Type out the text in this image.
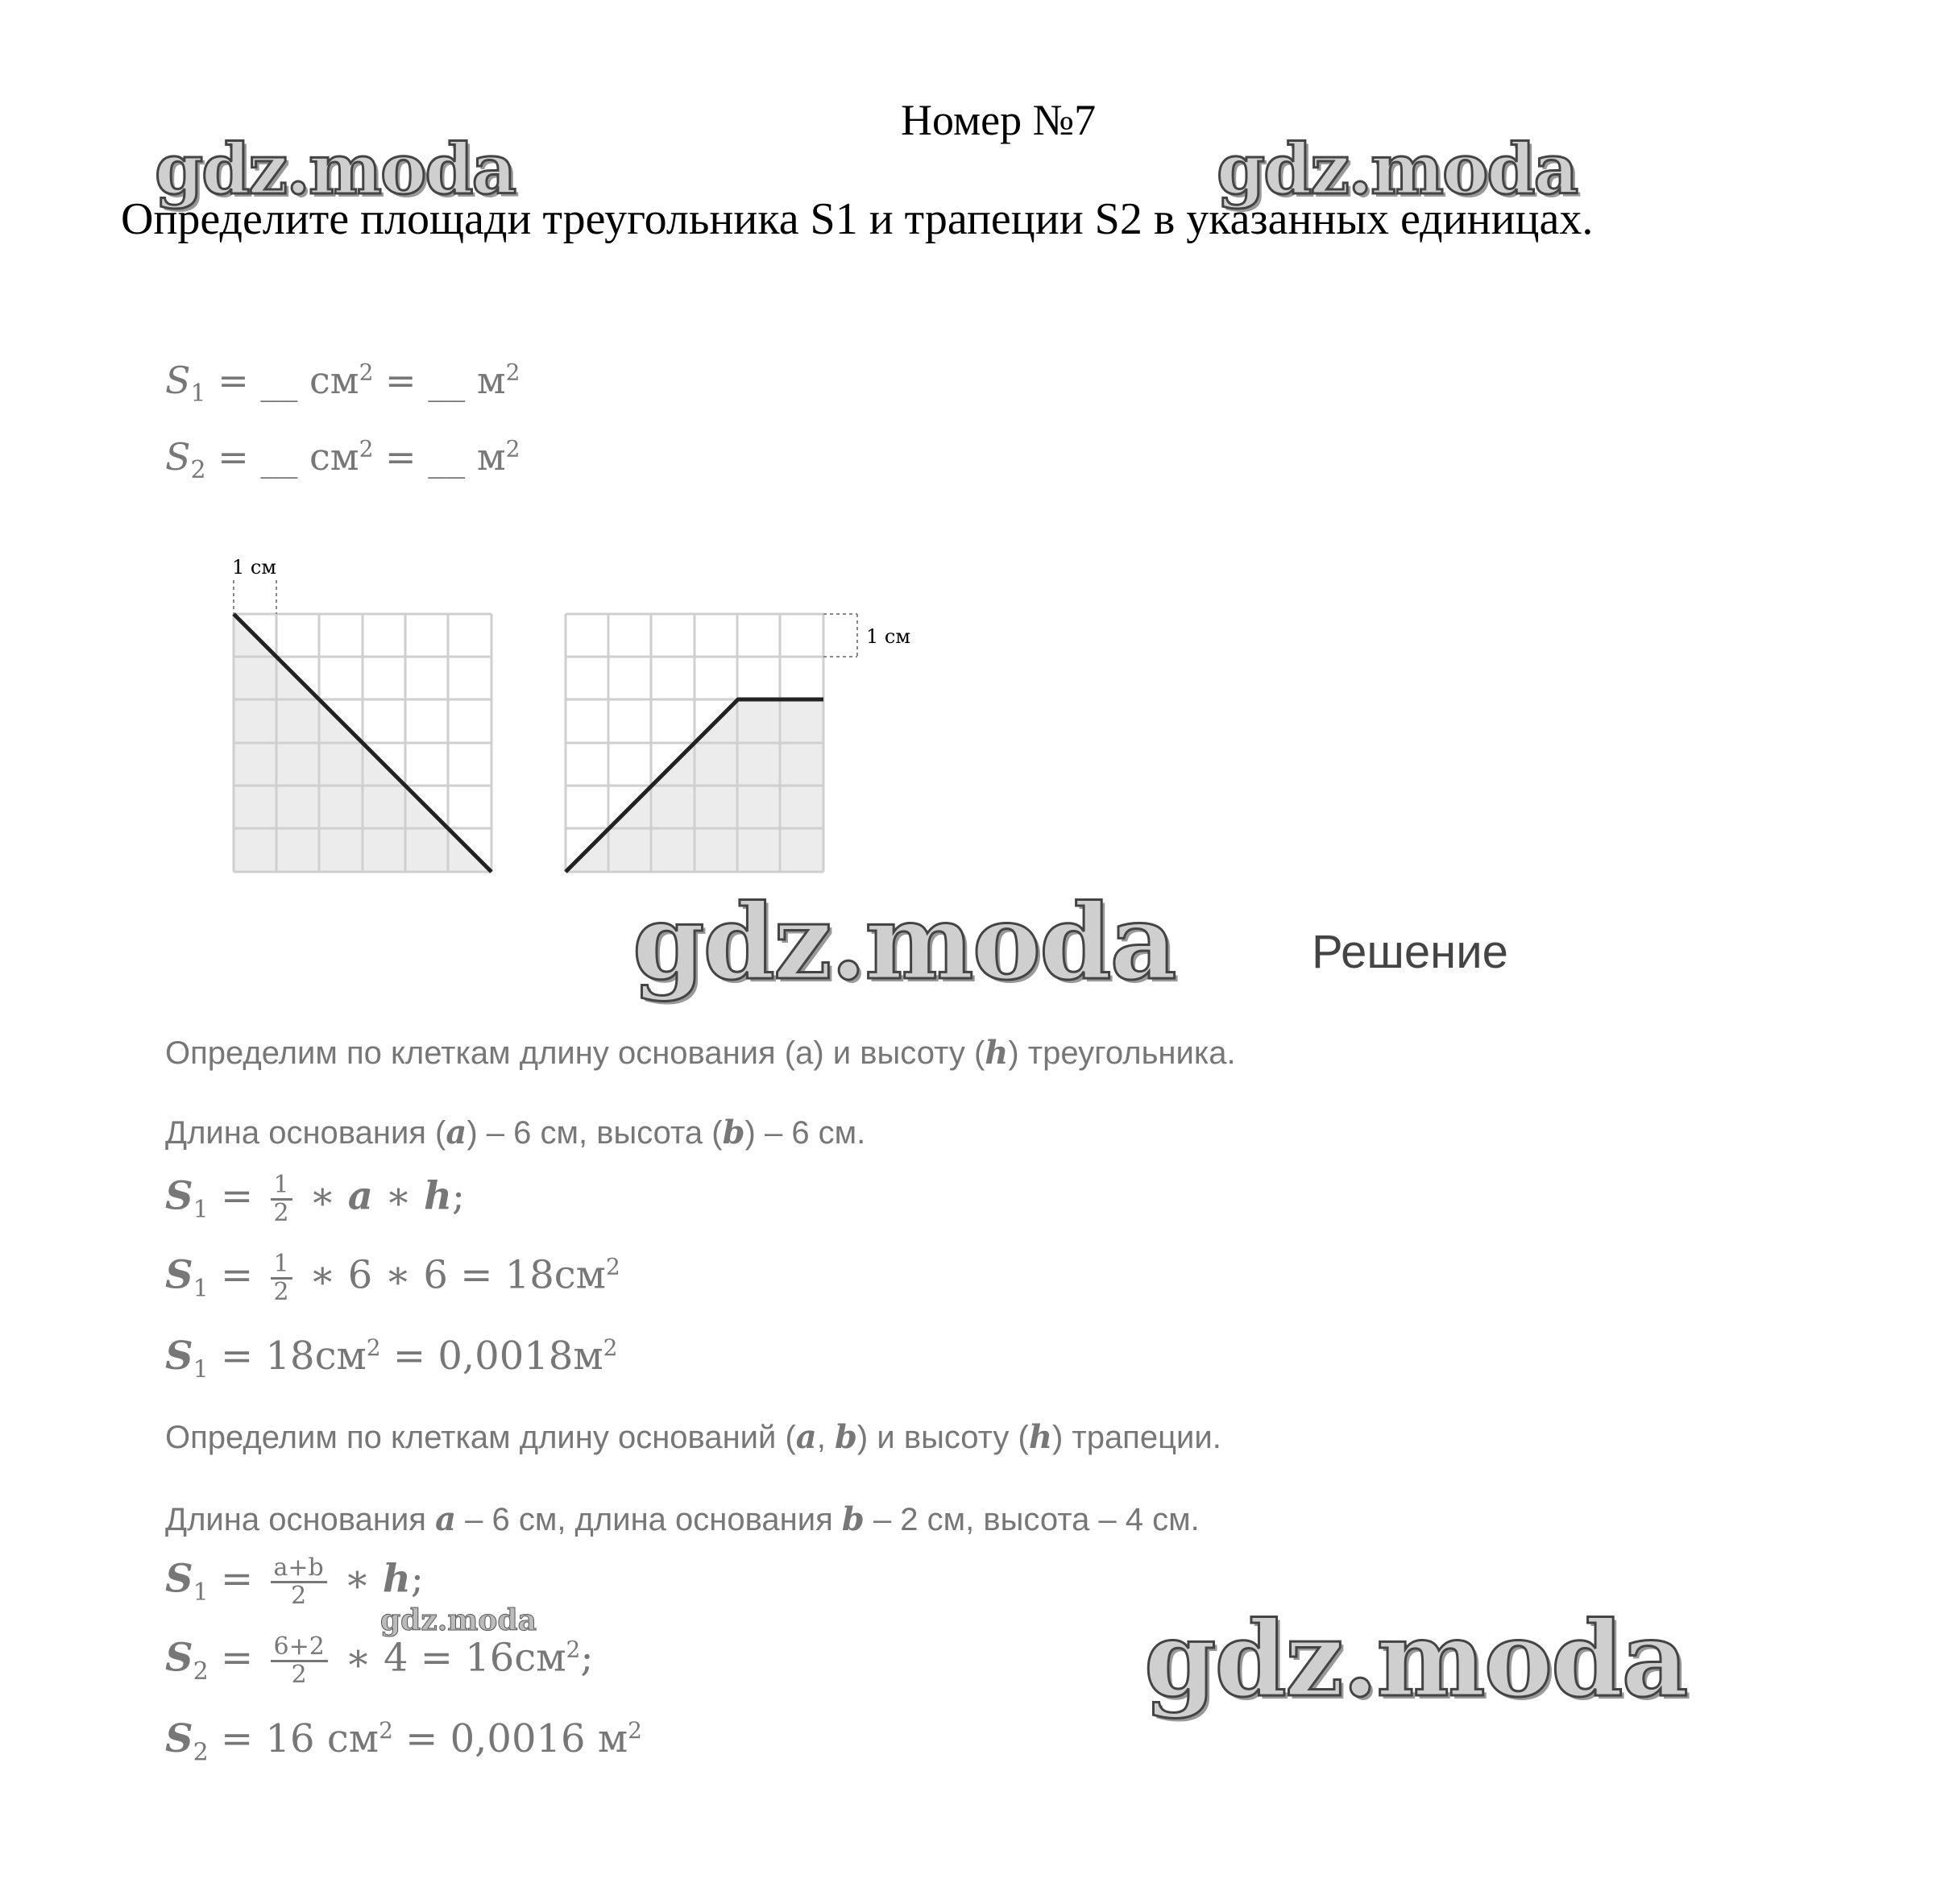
Номер №7
Определите площади треугольника S1 и трапеции S2 в указанных единицах.
gdz.moda	gdz.moda
$S_1$ = __ $см^2$ = __ $м^2$
$S_2$ = __ $см^2$ = __ $м^2$
1 см
1 см
gdz.moda	Решение
Определим по клеткам длину основания (a) и высоту (h) треугольника.
Длина основания (a) – 6 см, высота (b) – 6 см.
$S_1 = \frac{1}{2}$ ∗ a ∗ h;
$S_1 = \frac{1}{2}$ ∗ 6 ∗ $6 = 18см^2$
$S_1 = 18см^2 = 0,0018м^2$
Определим по клеткам длину оснований (a, b) и высоту (h) трапеции.
Длина основания a – 6 см, длина основания b – 2 см, высота – 4 см.
$S_1 = \frac{a+b}{2}$ ∗ h;
gdz.moda
$S_2 = \frac{6+2}{2}$ ∗ $4 = 16см^2$;
$S_2 = 16$ $см^2 = 0,0016$ $м^2$
gdz.moda
